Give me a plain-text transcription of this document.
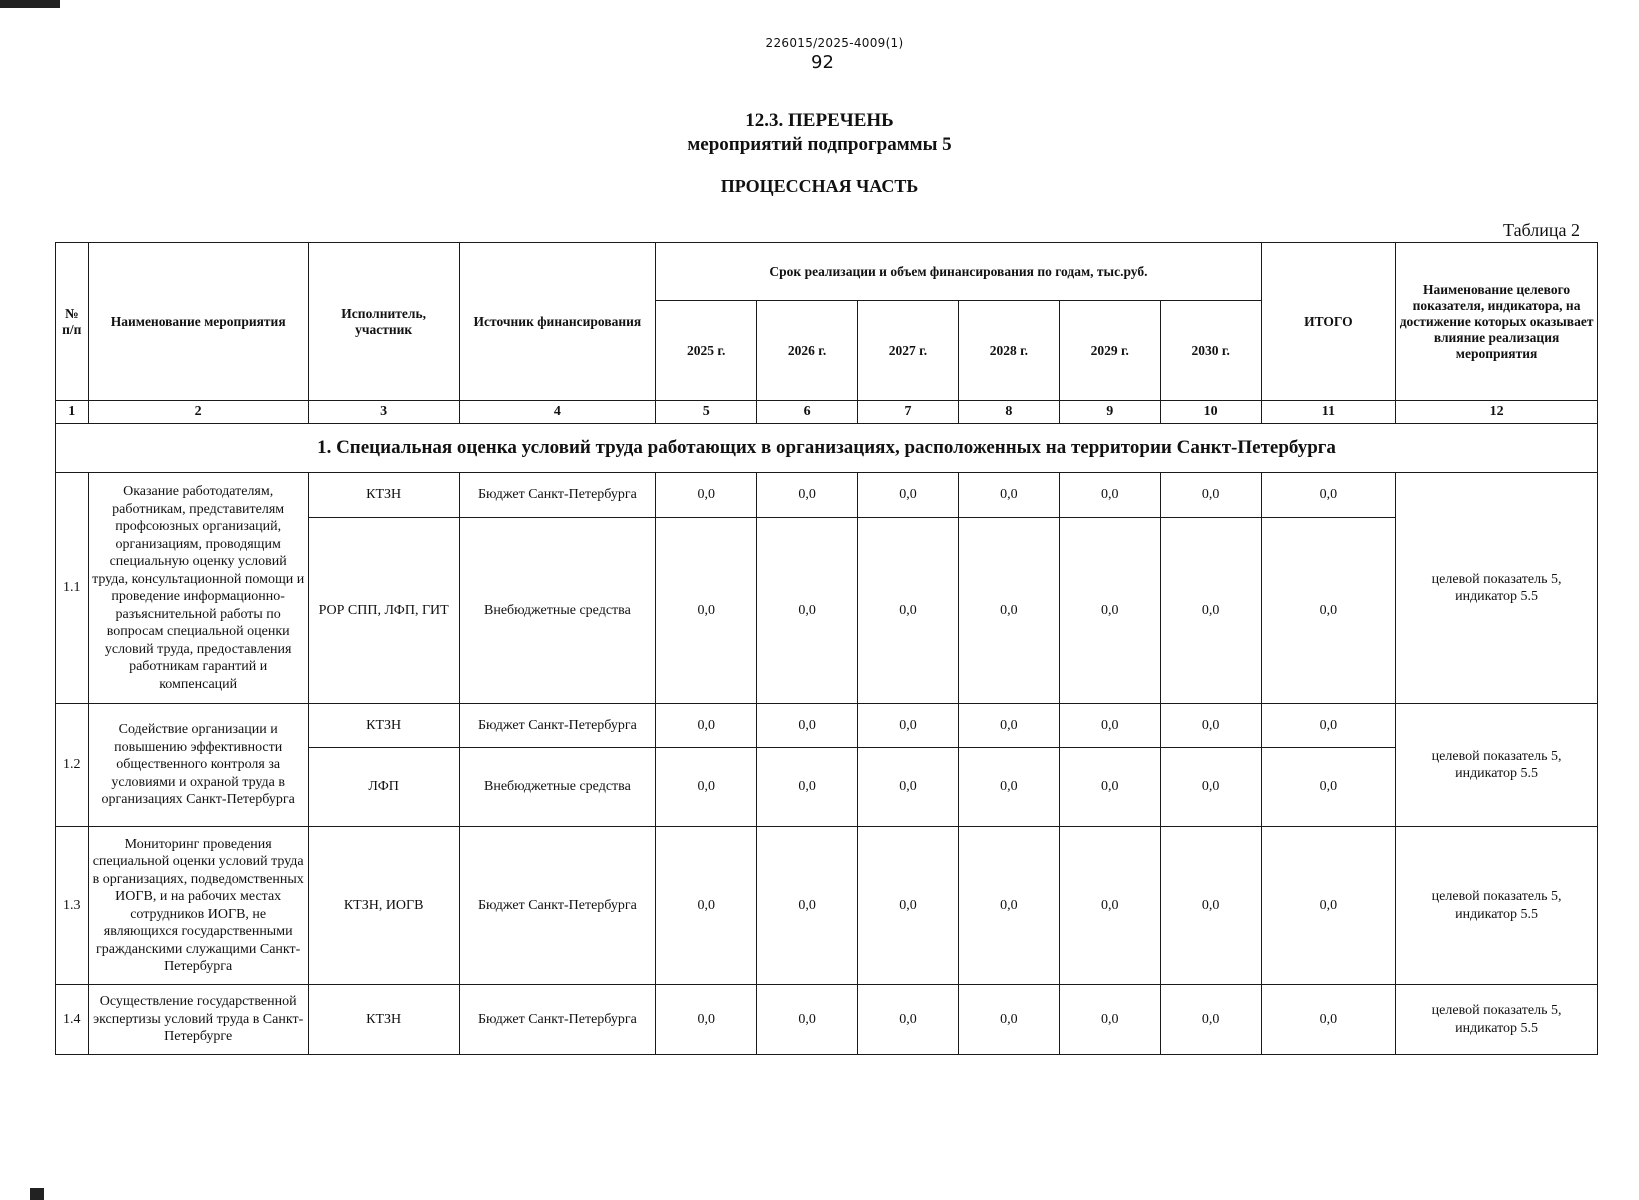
226015/2025-4009(1)
92
12.3. ПЕРЕЧЕНЬ
мероприятий подпрограммы 5
ПРОЦЕССНАЯ ЧАСТЬ
Таблица 2
№ п/п	Наименование мероприятия	Исполнитель, участник	Источник финансирования	Срок реализации и объем финансирования по годам, тыс.руб.						ИТОГО	Наименование целевого показателя, индикатора, на достижение которых оказывает влияние реализация мероприятия
				2025 г.	2026 г.	2027 г.	2028 г.	2029 г.	2030 г.		
1	2	3	4	5	6	7	8	9	10	11	12
1. Специальная оценка условий труда работающих в организациях, расположенных на территории Санкт-Петербурга											
1.1	Оказание работодателям, работникам, представителям профсоюзных организаций, организациям, проводящим специальную оценку условий труда, консультационной помощи и проведение информационно-разъяснительной работы по вопросам специальной оценки условий труда, предоставления работникам гарантий и компенсаций	КТЗН	Бюджет Санкт-Петербурга	0,0	0,0	0,0	0,0	0,0	0,0	0,0	целевой показатель 5, индикатор 5.5
		РОР СПП, ЛФП, ГИТ	Внебюджетные средства	0,0	0,0	0,0	0,0	0,0	0,0	0,0	
1.2	Содействие организации и повышению эффективности общественного контроля за условиями и охраной труда в организациях Санкт-Петербурга	КТЗН	Бюджет Санкт-Петербурга	0,0	0,0	0,0	0,0	0,0	0,0	0,0	целевой показатель 5, индикатор 5.5
		ЛФП	Внебюджетные средства	0,0	0,0	0,0	0,0	0,0	0,0	0,0	
1.3	Мониторинг проведения специальной оценки условий труда в организациях, подведомственных ИОГВ, и на рабочих местах сотрудников ИОГВ, не являющихся государственными гражданскими служащими Санкт-Петербурга	КТЗН, ИОГВ	Бюджет Санкт-Петербурга	0,0	0,0	0,0	0,0	0,0	0,0	0,0	целевой показатель 5, индикатор 5.5
1.4	Осуществление государственной экспертизы условий труда в Санкт-Петербурге	КТЗН	Бюджет Санкт-Петербурга	0,0	0,0	0,0	0,0	0,0	0,0	0,0	целевой показатель 5, индикатор 5.5
